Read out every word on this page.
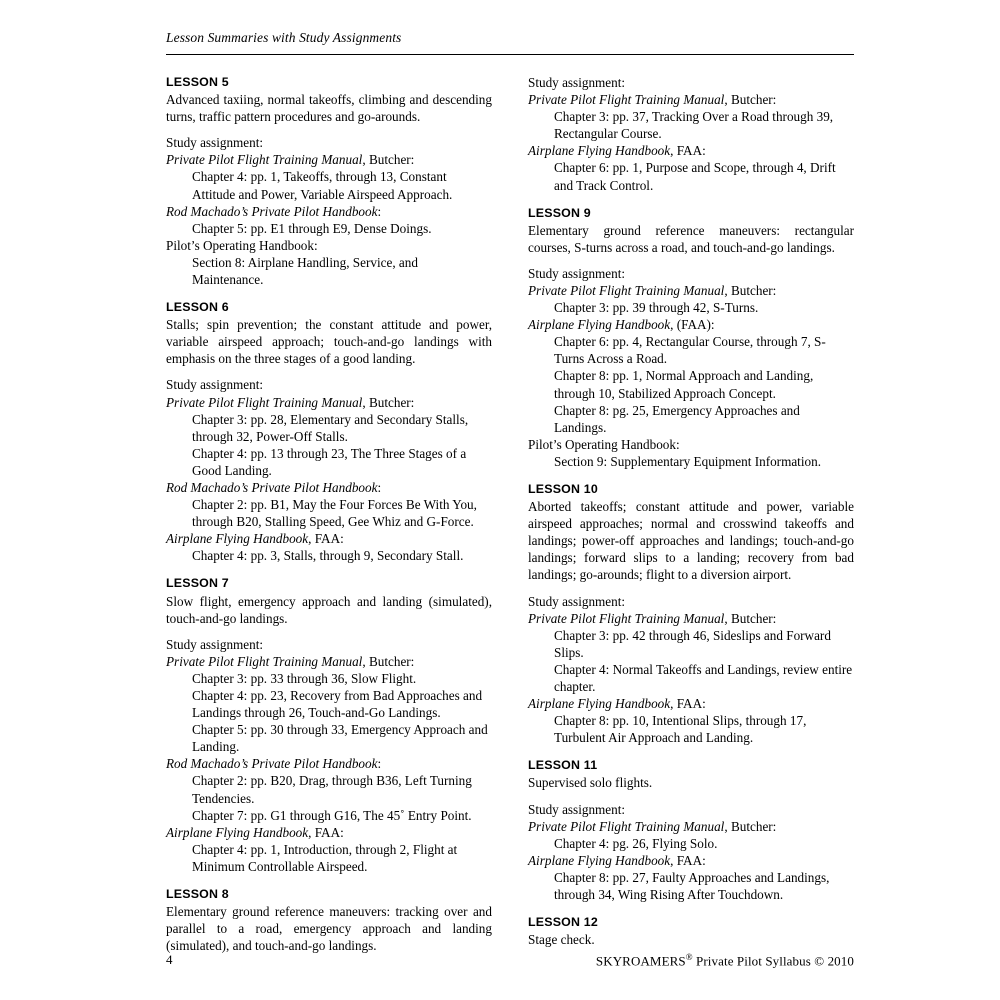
Lesson Summaries with Study Assignments
LESSON 5

Advanced taxiing, normal takeoffs, climbing and descending turns, traffic pattern procedures and go-arounds.

Study assignment:

Private Pilot Flight Training Manual, Butcher:

Chapter 4: pp. 1, Takeoffs, through 13, Constant Attitude and Power, Variable Airspeed Approach.

Rod Machado’s Private Pilot Handbook:

Chapter 5: pp. E1 through E9, Dense Doings.

Pilot’s Operating Handbook:

Section 8: Airplane Handling, Service, and Maintenance.

LESSON 6

Stalls; spin prevention; the constant attitude and power, variable airspeed approach; touch-and-go landings with emphasis on the three stages of a good landing.

Study assignment:

Private Pilot Flight Training Manual, Butcher:

Chapter 3: pp. 28, Elementary and Secondary Stalls, through 32, Power-Off Stalls.

Chapter 4: pp. 13 through 23, The Three Stages of a Good Landing.

Rod Machado’s Private Pilot Handbook:

Chapter 2: pp. B1, May the Four Forces Be With You, through B20, Stalling Speed, Gee Whiz and G-Force.

Airplane Flying Handbook, FAA:

Chapter 4: pp. 3, Stalls, through 9, Secondary Stall.

LESSON 7

Slow flight, emergency approach and landing (simulated), touch-and-go landings.

Study assignment:

Private Pilot Flight Training Manual, Butcher:

Chapter 3: pp. 33 through 36, Slow Flight.

Chapter 4: pp. 23, Recovery from Bad Approaches and Landings through 26, Touch-and-Go Landings.

Chapter 5: pp. 30 through 33, Emergency Approach and Landing.

Rod Machado’s Private Pilot Handbook:

Chapter 2: pp. B20, Drag, through B36, Left Turning Tendencies.

Chapter 7: pp. G1 through G16, The 45˚ Entry Point.

Airplane Flying Handbook, FAA:

Chapter 4: pp. 1, Introduction, through 2, Flight at Minimum Controllable Airspeed.

LESSON 8

Elementary ground reference maneuvers: tracking over and parallel to a road, emergency approach and landing (simulated), and touch-and-go landings.

Study assignment:

Private Pilot Flight Training Manual, Butcher:

Chapter 3: pp. 37, Tracking Over a Road through 39, Rectangular Course.

Airplane Flying Handbook, FAA:

Chapter 6: pp. 1, Purpose and Scope, through 4, Drift and Track Control.

LESSON 9

Elementary ground reference maneuvers: rectangular courses, S-turns across a road, and touch-and-go landings.

Study assignment:

Private Pilot Flight Training Manual, Butcher:

Chapter 3: pp. 39 through 42, S-Turns.

Airplane Flying Handbook, (FAA):

Chapter 6: pp. 4, Rectangular Course, through 7, S-Turns Across a Road.

Chapter 8: pp. 1, Normal Approach and Landing, through 10, Stabilized Approach Concept.

Chapter 8: pg. 25, Emergency Approaches and Landings.

Pilot’s Operating Handbook:

Section 9: Supplementary Equipment Information.

LESSON 10

Aborted takeoffs; constant attitude and power, variable airspeed approaches; normal and crosswind takeoffs and landings; power-off approaches and landings; touch-and-go landings; forward slips to a landing; recovery from bad landings; go-arounds; flight to a diversion airport.

Study assignment:

Private Pilot Flight Training Manual, Butcher:

Chapter 3: pp. 42 through 46, Sideslips and Forward Slips.

Chapter 4: Normal Takeoffs and Landings, review entire chapter.

Airplane Flying Handbook, FAA:

Chapter 8: pp. 10, Intentional Slips, through 17, Turbulent Air Approach and Landing.

LESSON 11

Supervised solo flights.

Study assignment:

Private Pilot Flight Training Manual, Butcher:

Chapter 4: pg. 26, Flying Solo.

Airplane Flying Handbook, FAA:

Chapter 8: pp. 27, Faulty Approaches and Landings, through 34, Wing Rising After Touchdown.

LESSON 12

Stage check.

4	SKYROAMERS® Private Pilot Syllabus © 2010
